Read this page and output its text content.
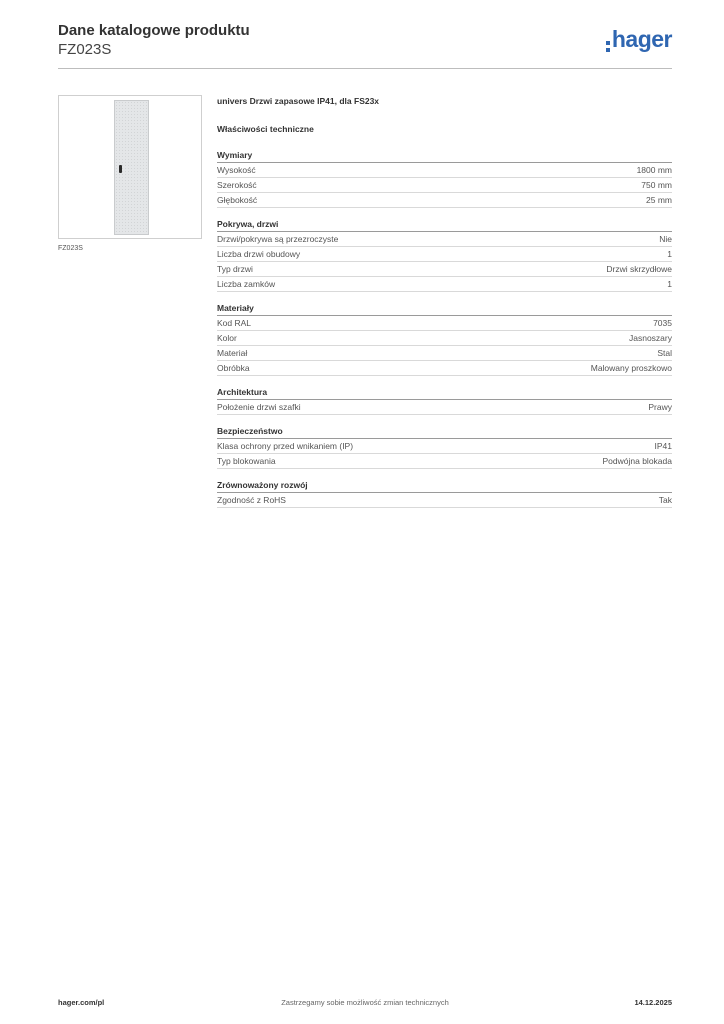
Dane katalogowe produktu
FZ023S	hager
FZ023S
univers Drzwi zapasowe IP41, dla FS23x
Właściwości techniczne
Wymiary
Wysokość	1800 mm
Szerokość	750 mm
Głębokość	25 mm
Pokrywa, drzwi
Drzwi/pokrywa są przezroczyste	Nie
Liczba drzwi obudowy	1
Typ drzwi	Drzwi skrzydłowe
Liczba zamków	1
Materiały
Kod RAL	7035
Kolor	Jasnoszary
Materiał	Stal
Obróbka	Malowany proszkowo
Architektura
Położenie drzwi szafki	Prawy
Bezpieczeństwo
Klasa ochrony przed wnikaniem (IP)	IP41
Typ blokowania	Podwójna blokada
Zrównoważony rozwój
Zgodność z RoHS	Tak
hager.com/pl	Zastrzegamy sobie możliwość zmian technicznych	14.12.2025
